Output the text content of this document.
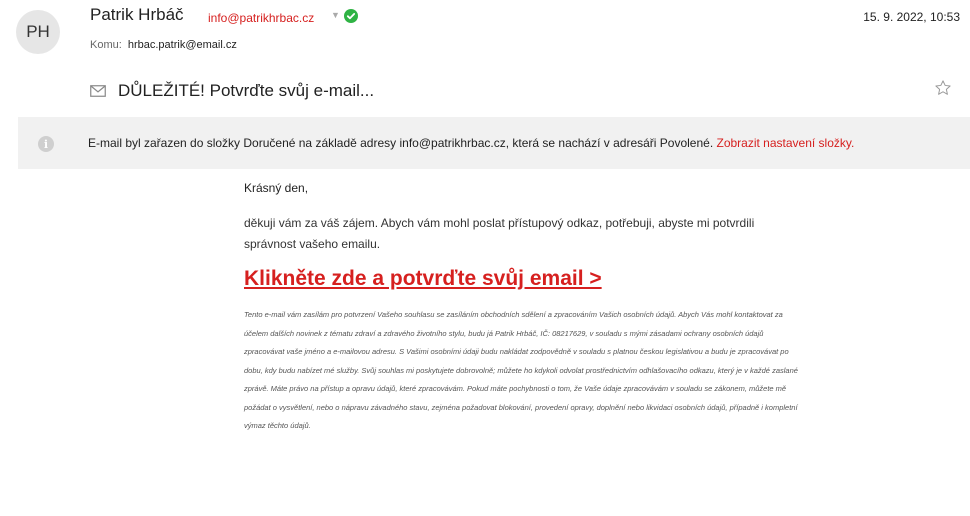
PH
Patrik Hrbáč info@patrikhrbac.cz ▼	15. 9. 2022, 10:53
Komu: hrbac.patrik@email.cz
DŮLEŽITÉ! Potvrďte svůj e-mail...
i	E-mail byl zařazen do složky Doručené na základě adresy info@patrikhrbac.cz, která se nachází v adresáři Povolené. Zobrazit nastavení složky.
Krásný den,
děkuji vám za váš zájem. Abych vám mohl poslat přístupový odkaz, potřebuji, abyste mi potvrdili správnost vašeho emailu.
Klikněte zde a potvrďte svůj email >
Tento e-mail vám zasílám pro potvrzení Vašeho souhlasu se zasíláním obchodních sdělení a zpracováním Vašich osobních údajů. Abych Vás mohl kontaktovat za účelem dalších novinek z tématu zdraví a zdravého životního stylu, budu já Patrik Hrbáč, IČ: 08217629, v souladu s mými zásadami ochrany osobních údajů zpracovávat vaše jméno a e-mailovou adresu. S Vašimi osobními údaji budu nakládat zodpovědně v souladu s platnou českou legislativou a budu je zpracovávat po dobu, kdy budu nabízet mé služby. Svůj souhlas mi poskytujete dobrovolně; můžete ho kdykoli odvolat prostřednictvím odhlašovacího odkazu, který je v každé zaslané zprávě. Máte právo na přístup a opravu údajů, které zpracovávám. Pokud máte pochybnosti o tom, že Vaše údaje zpracovávám v souladu se zákonem, můžete mě požádat o vysvětlení, nebo o nápravu závadného stavu, zejména požadovat blokování, provedení opravy, doplnění nebo likvidaci osobních údajů, případně i kompletní výmaz těchto údajů.
